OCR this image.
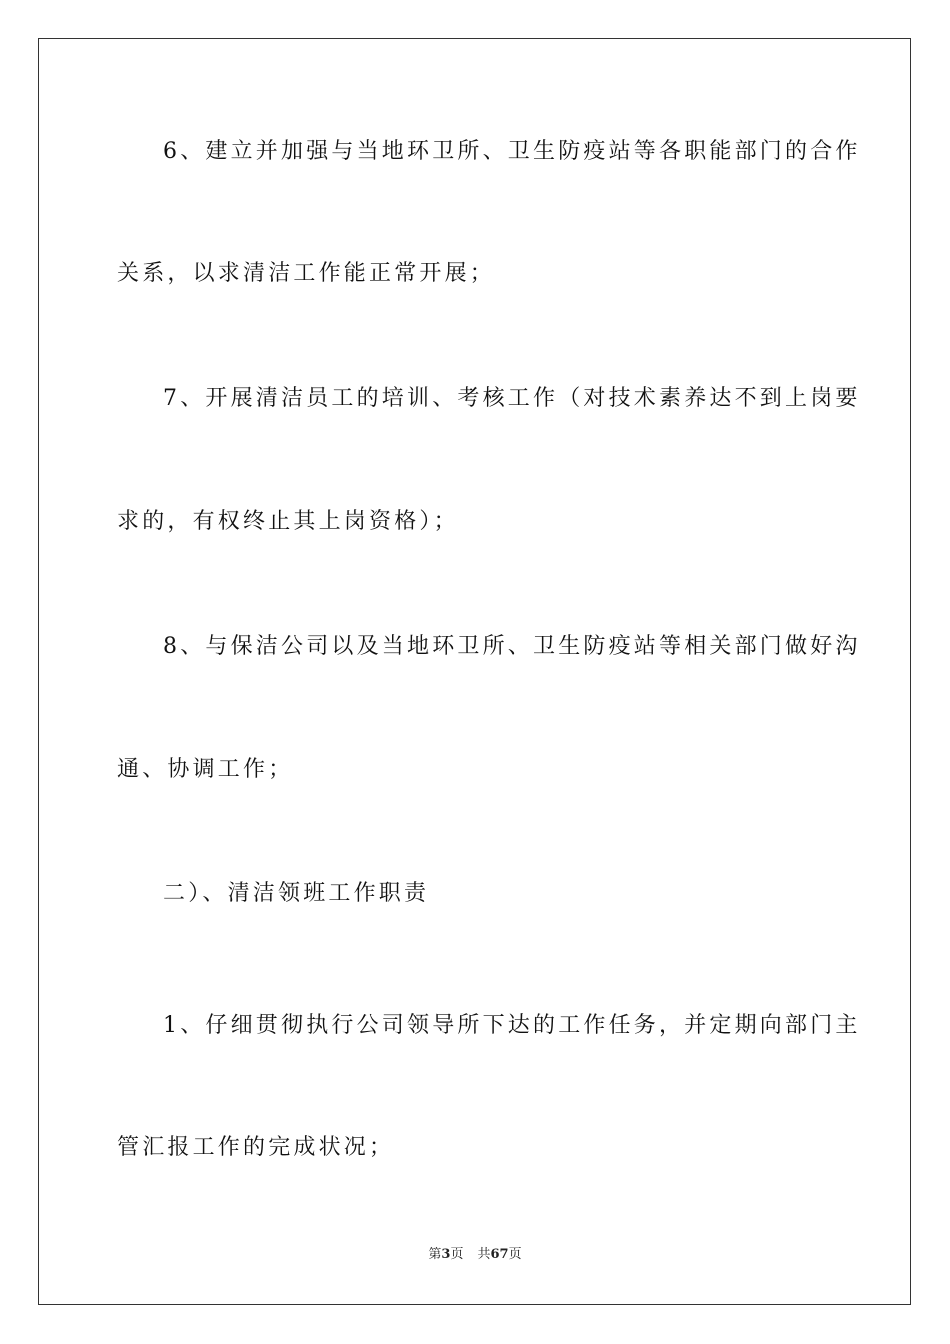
6、建立并加强与当地环卫所、卫生防疫站等各职能部门的合作
关系，以求清洁工作能正常开展；
7、开展清洁员工的培训、考核工作（对技术素养达不到上岗要
求的，有权终止其上岗资格）；
8、与保洁公司以及当地环卫所、卫生防疫站等相关部门做好沟
通、协调工作；
二）、清洁领班工作职责
1、仔细贯彻执行公司领导所下达的工作任务，并定期向部门主
管汇报工作的完成状况；
第3页 共67页
